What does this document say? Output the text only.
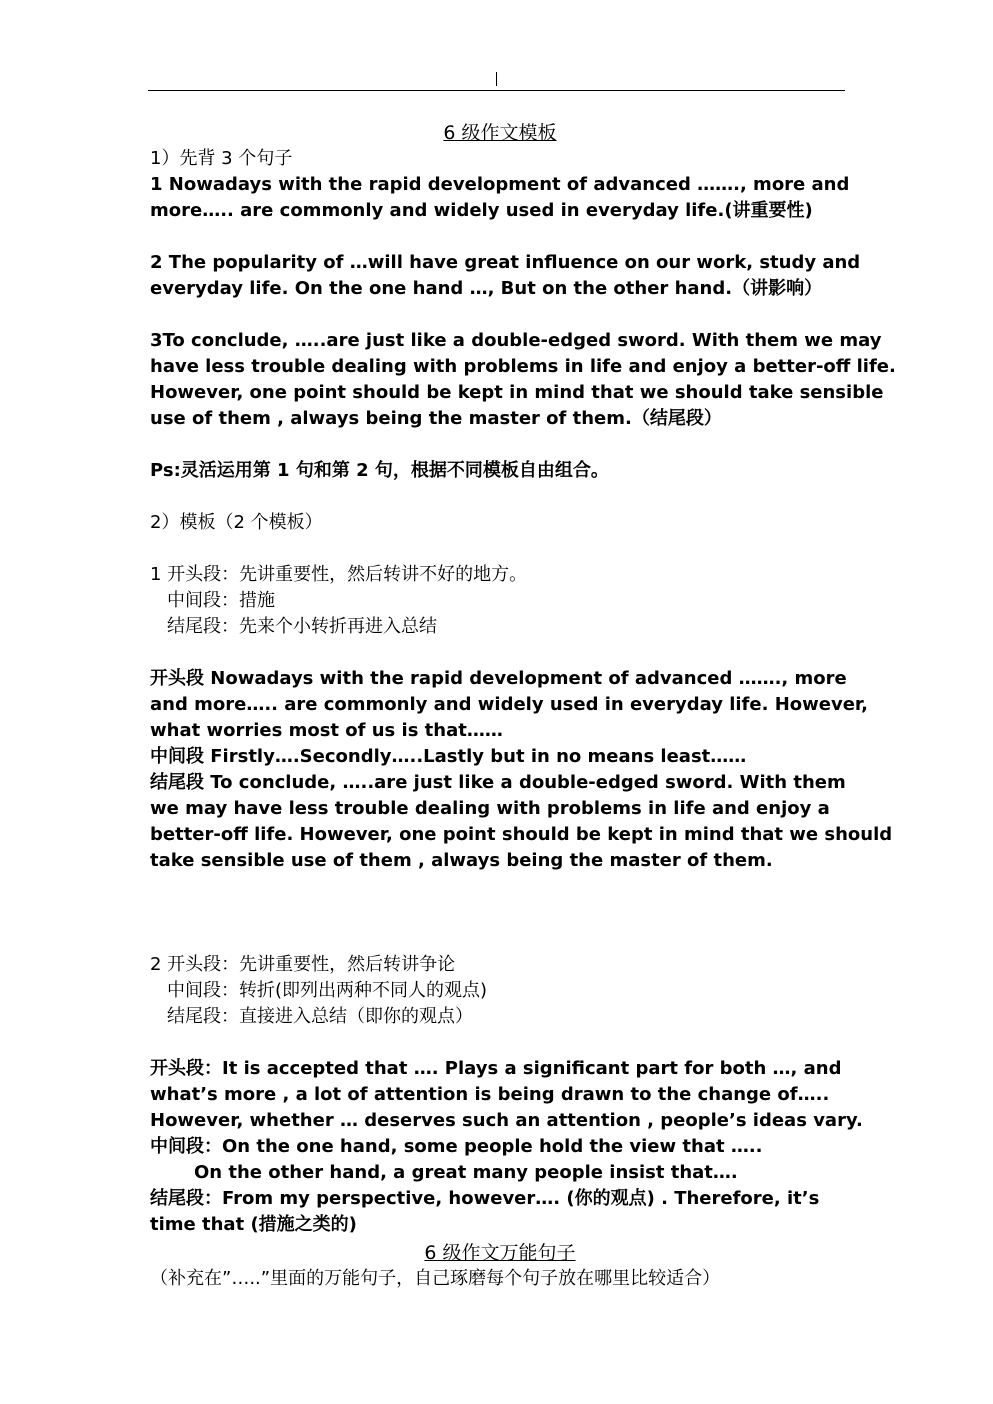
6 级作文模板

1）先背 3 个句子

1 Nowadays with the rapid development of advanced ……., more and

more….. are commonly and widely used in everyday life.(讲重要性)

2 The popularity of …will have great influence on our work, study and

everyday life. On the one hand …, But on the other hand.（讲影响）

3To conclude, …..are just like a double-edged sword. With them we may

have less trouble dealing with problems in life and enjoy a better-off life.

However, one point should be kept in mind that we should take sensible

use of them , always being the master of them.（结尾段）

Ps:灵活运用第 1 句和第 2 句，根据不同模板自由组合。

2）模板（2 个模板）

1 开头段：先讲重要性，然后转讲不好的地方。

中间段：措施

结尾段：先来个小转折再进入总结

开头段 Nowadays with the rapid development of advanced ……., more

and more….. are commonly and widely used in everyday life. However,

what worries most of us is that……

中间段 Firstly….Secondly…..Lastly but in no means least……

结尾段 To conclude, …..are just like a double-edged sword. With them

we may have less trouble dealing with problems in life and enjoy a

better-off life. However, one point should be kept in mind that we should

take sensible use of them , always being the master of them.

2 开头段：先讲重要性，然后转讲争论

中间段：转折(即列出两种不同人的观点)

结尾段：直接进入总结（即你的观点）

开头段：It is accepted that …. Plays a significant part for both …, and

what’s more , a lot of attention is being drawn to the change of…..

However, whether … deserves such an attention , people’s ideas vary.

中间段：On the one hand, some people hold the view that …..

On the other hand, a great many people insist that….

结尾段：From my perspective, however…. (你的观点) . Therefore, it’s

time that (措施之类的)

6 级作文万能句子

（补充在”…..”里面的万能句子，自己琢磨每个句子放在哪里比较适合）
